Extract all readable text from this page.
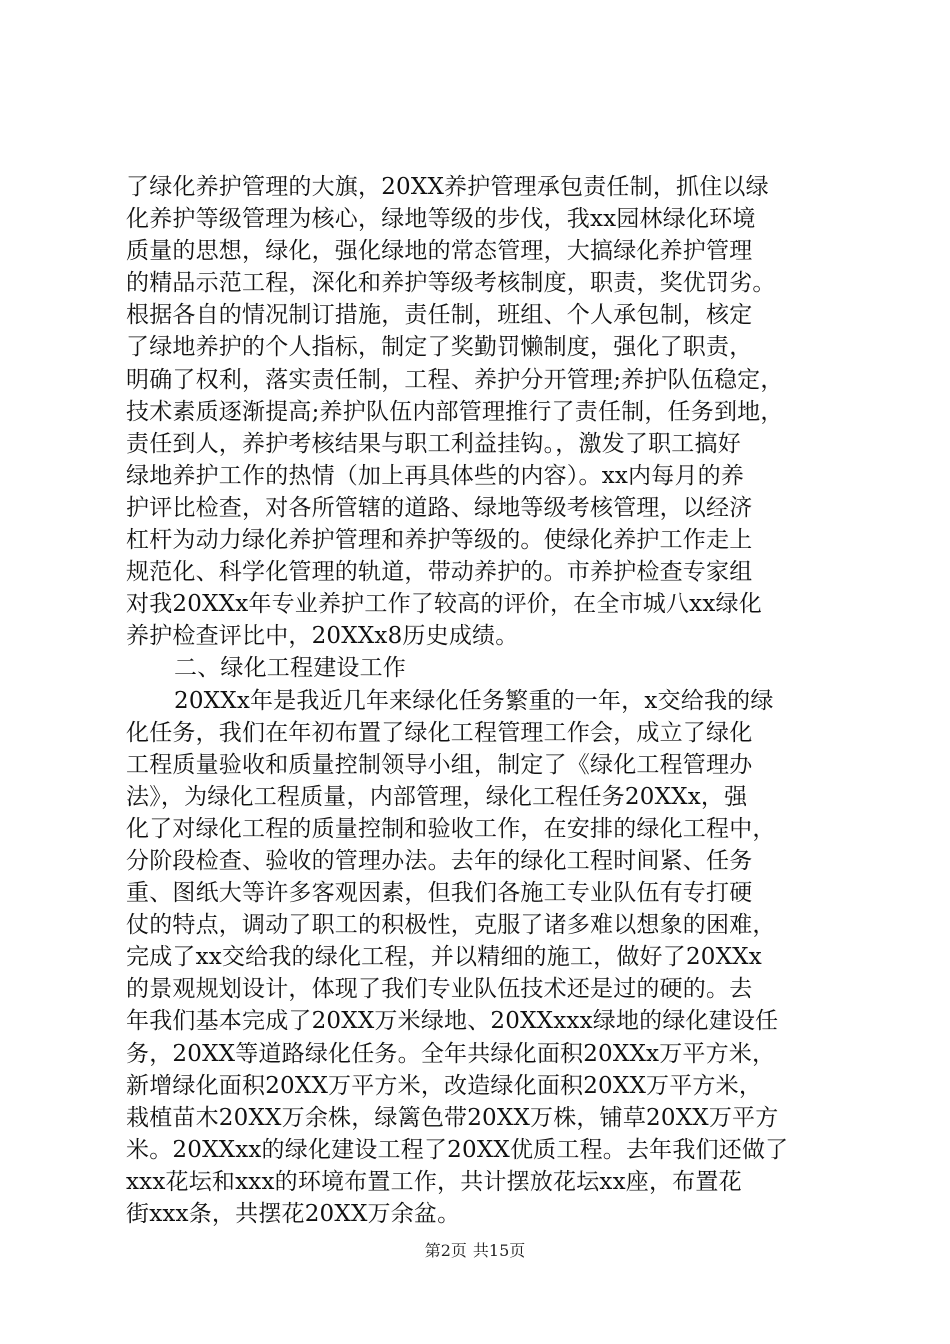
了绿化养护管理的大旗，20XX养护管理承包责任制，抓住以绿
化养护等级管理为核心，绿地等级的步伐，我xx园林绿化环境
质量的思想，绿化，强化绿地的常态管理，大搞绿化养护管理
的精品示范工程，深化和养护等级考核制度，职责，奖优罚劣。
根据各自的情况制订措施，责任制，班组、个人承包制，核定
了绿地养护的个人指标，制定了奖勤罚懒制度，强化了职责，
明确了权利，落实责任制，工程、养护分开管理;养护队伍稳定，
技术素质逐渐提高;养护队伍内部管理推行了责任制，任务到地，
责任到人，养护考核结果与职工利益挂钩。，激发了职工搞好
绿地养护工作的热情（加上再具体些的内容）。xx内每月的养
护评比检查，对各所管辖的道路、绿地等级考核管理，以经济
杠杆为动力绿化养护管理和养护等级的。使绿化养护工作走上
规范化、科学化管理的轨道，带动养护的。市养护检查专家组
对我20XXx年专业养护工作了较高的评价，在全市城八xx绿化
养护检查评比中，20XXx8历史成绩。
二、绿化工程建设工作
20XXx年是我近几年来绿化任务繁重的一年，x交给我的绿
化任务，我们在年初布置了绿化工程管理工作会，成立了绿化
工程质量验收和质量控制领导小组，制定了《绿化工程管理办
法》，为绿化工程质量，内部管理，绿化工程任务20XXx，强
化了对绿化工程的质量控制和验收工作，在安排的绿化工程中，
分阶段检查、验收的管理办法。去年的绿化工程时间紧、任务
重、图纸大等许多客观因素，但我们各施工专业队伍有专打硬
仗的特点，调动了职工的积极性，克服了诸多难以想象的困难，
完成了xx交给我的绿化工程，并以精细的施工，做好了20XXx
的景观规划设计，体现了我们专业队伍技术还是过的硬的。去
年我们基本完成了20XX万米绿地、20XXxxx绿地的绿化建设任
务，20XX等道路绿化任务。全年共绿化面积20XXx万平方米，
新增绿化面积20XX万平方米，改造绿化面积20XX万平方米，
栽植苗木20XX万余株，绿篱色带20XX万株，铺草20XX万平方
米。20XXxx的绿化建设工程了20XX优质工程。去年我们还做了
xxx花坛和xxx的环境布置工作，共计摆放花坛xx座，布置花
街xxx条，共摆花20XX万余盆。
第2页 共15页
